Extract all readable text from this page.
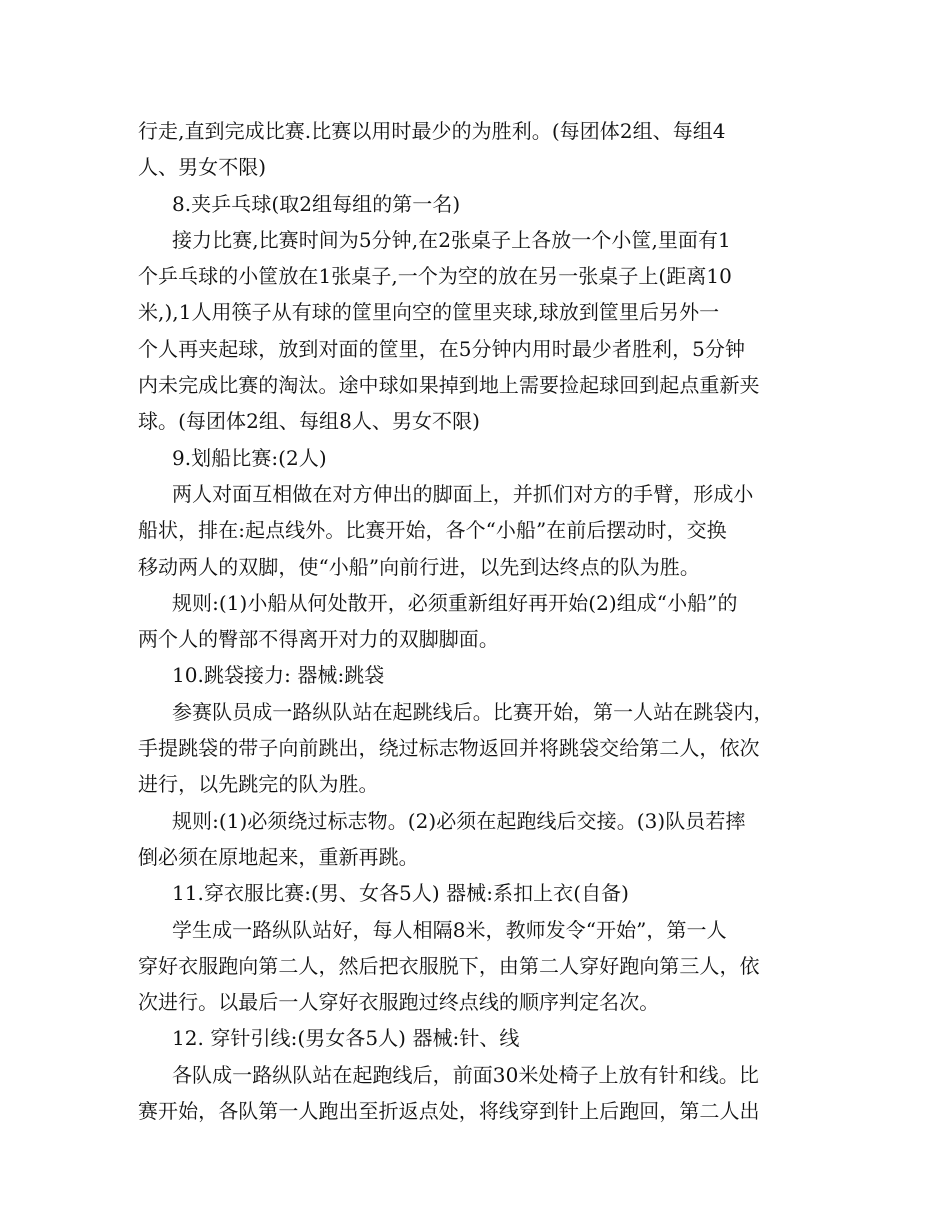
行走,直到完成比赛.比赛以用时最少的为胜利。(每团体2组、每组4
人、男女不限)
8.夹乒乓球(取2组每组的第一名)
接力比赛,比赛时间为5分钟,在2张桌子上各放一个小筐,里面有1
个乒乓球的小筐放在1张桌子,一个为空的放在另一张桌子上(距离10
米,),1人用筷子从有球的筐里向空的筐里夹球,球放到筐里后另外一
个人再夹起球，放到对面的筐里，在5分钟内用时最少者胜利，5分钟
内未完成比赛的淘汰。途中球如果掉到地上需要捡起球回到起点重新夹
球。(每团体2组、每组8人、男女不限)
9.划船比赛:(2人)
两人对面互相做在对方伸出的脚面上，并抓们对方的手臂，形成小
船状，排在:起点线外。比赛开始，各个“小船”在前后摆动时，交换
移动两人的双脚，使“小船”向前行进，以先到达终点的队为胜。
规则:(1)小船从何处散开，必须重新组好再开始(2)组成“小船”的
两个人的臀部不得离开对力的双脚脚面。
10.跳袋接力: 器械:跳袋
参赛队员成一路纵队站在起跳线后。比赛开始，第一人站在跳袋内，
手提跳袋的带子向前跳出，绕过标志物返回并将跳袋交给第二人，依次
进行，以先跳完的队为胜。
规则:(1)必须绕过标志物。(2)必须在起跑线后交接。(3)队员若摔
倒必须在原地起来，重新再跳。
11.穿衣服比赛:(男、女各5人) 器械:系扣上衣(自备)
学生成一路纵队站好，每人相隔8米，教师发令“开始”，第一人
穿好衣服跑向第二人，然后把衣服脱下，由第二人穿好跑向第三人，依
次进行。以最后一人穿好衣服跑过终点线的顺序判定名次。
12. 穿针引线:(男女各5人) 器械:针、线
各队成一路纵队站在起跑线后，前面30米处椅子上放有针和线。比
赛开始，各队第一人跑出至折返点处，将线穿到针上后跑回，第二人出
